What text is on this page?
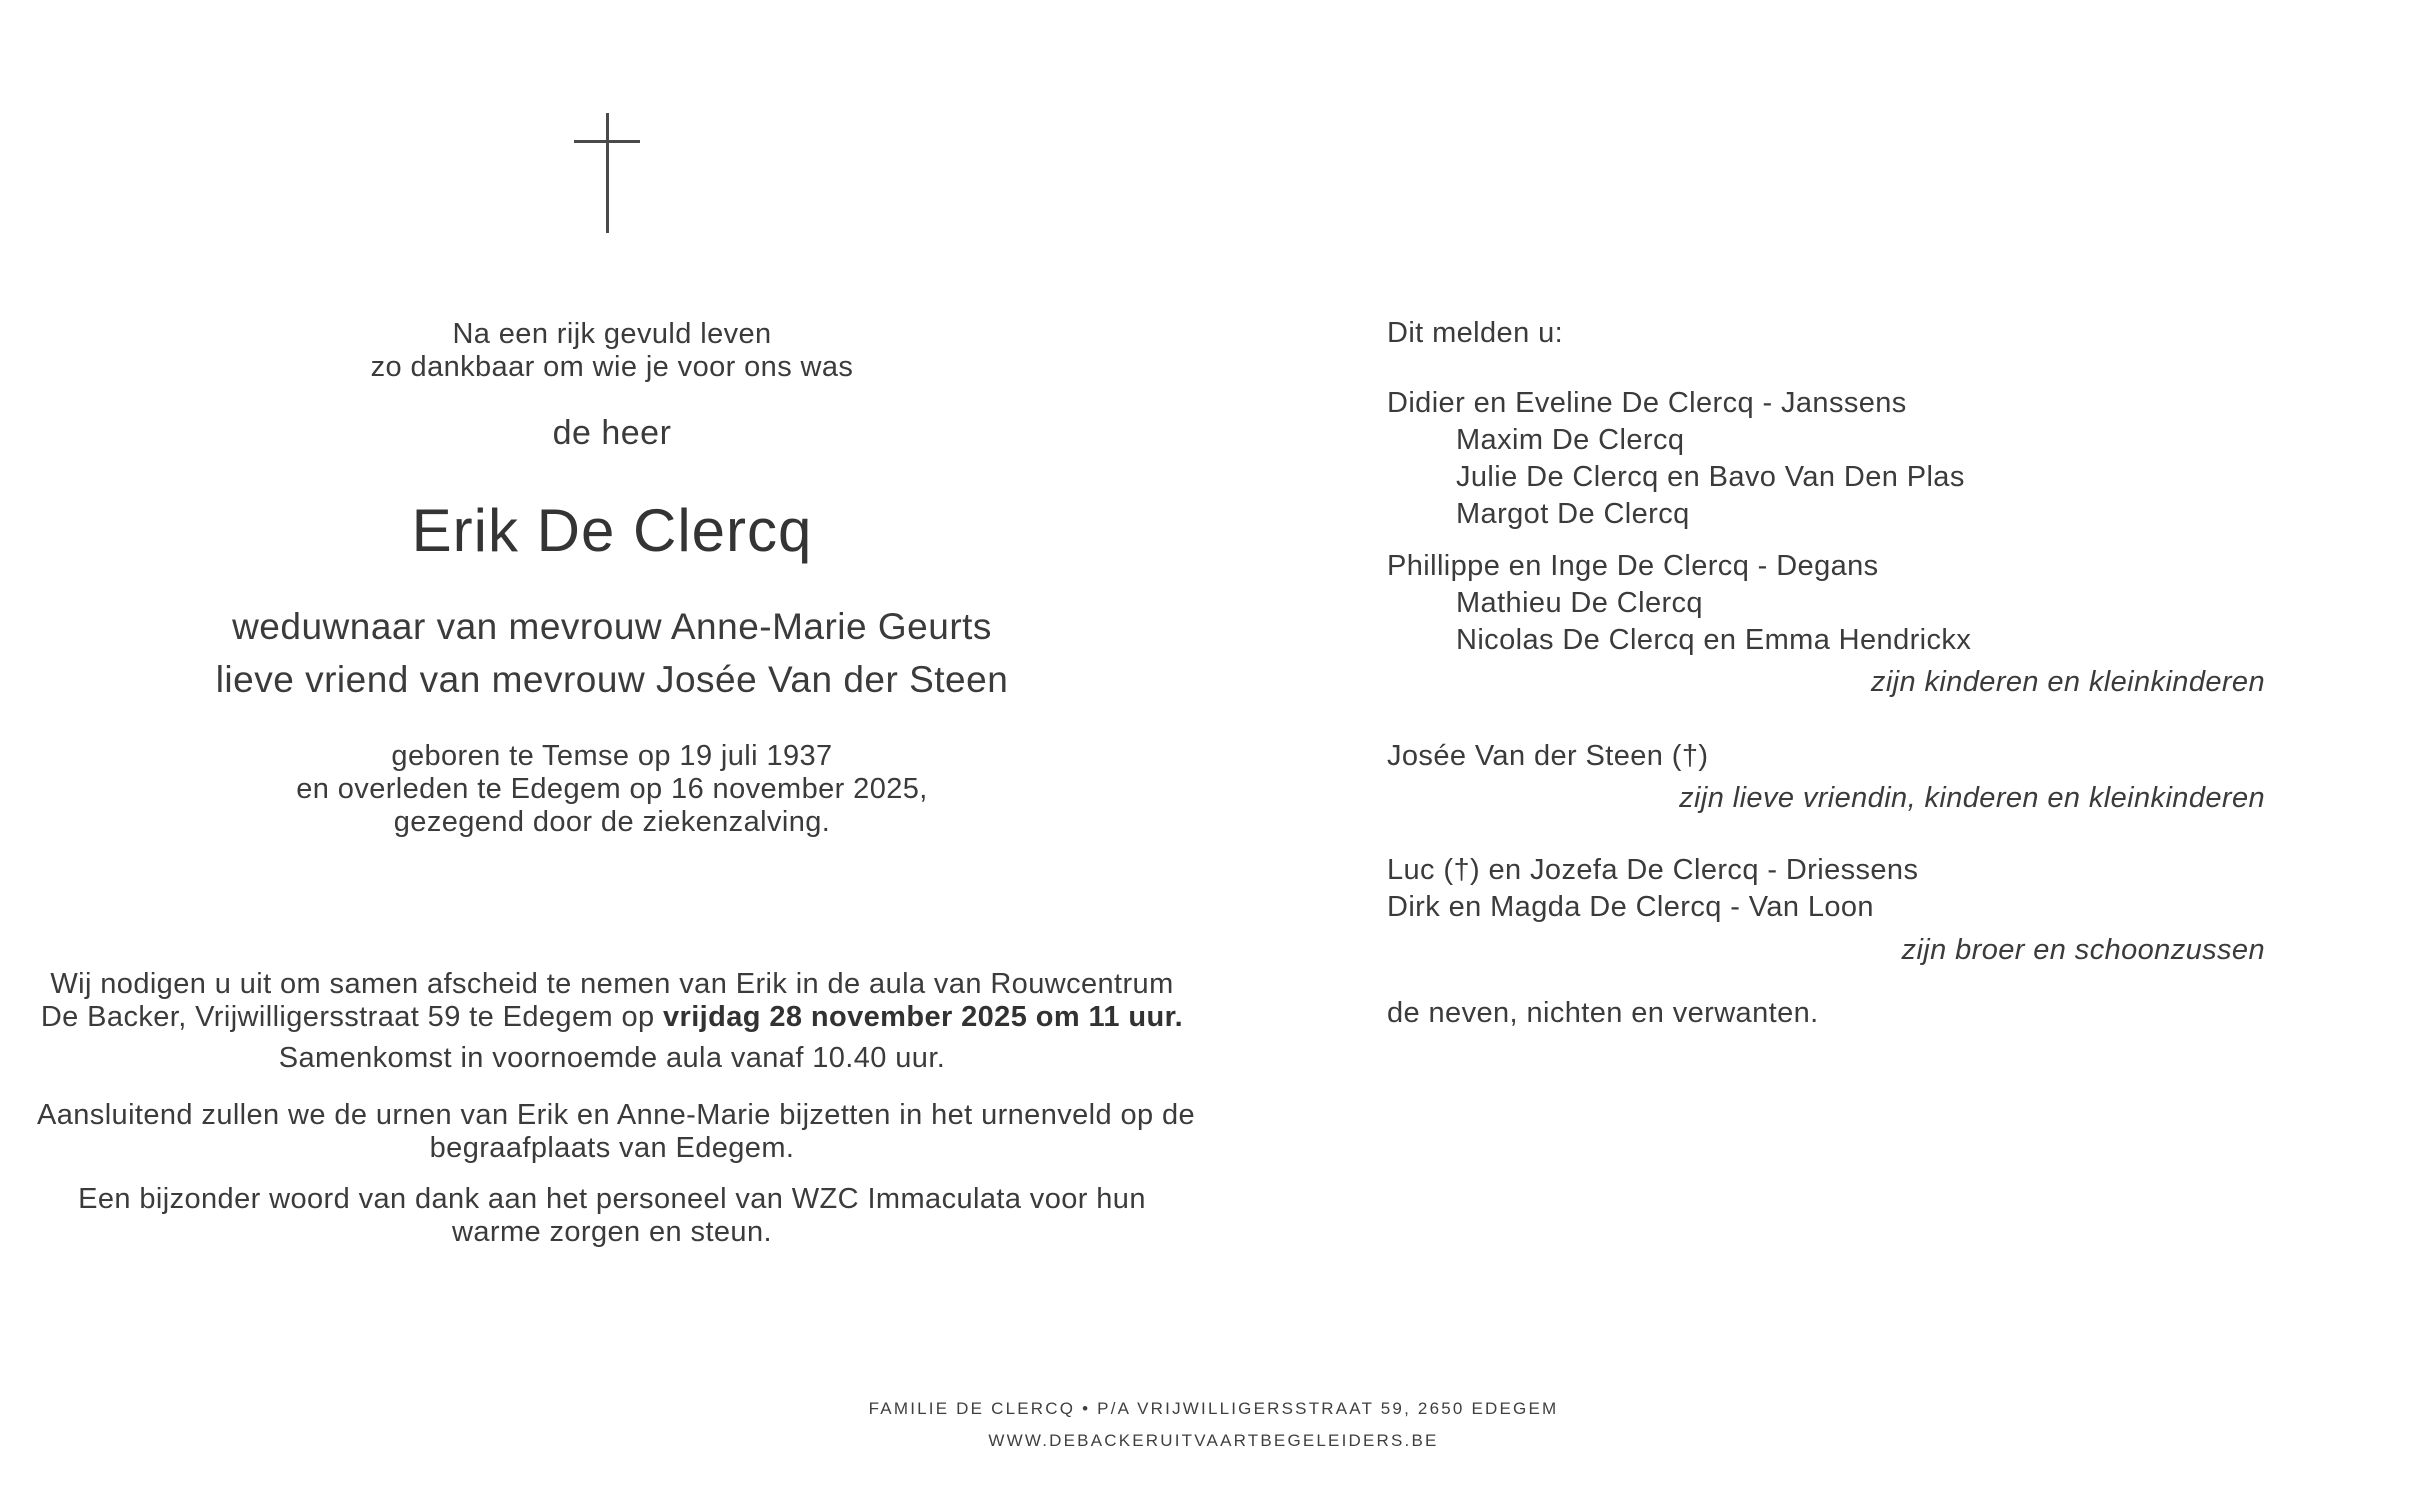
Na een rijk gevuld leven
zo dankbaar om wie je voor ons was
de heer
Erik De Clercq
weduwnaar van mevrouw Anne-Marie Geurts
lieve vriend van mevrouw Josée Van der Steen
geboren te Temse op 19 juli 1937
en overleden te Edegem op 16 november 2025,
gezegend door de ziekenzalving.
Wij nodigen u uit om samen afscheid te nemen van Erik in de aula van Rouwcentrum
De Backer, Vrijwilligersstraat 59 te Edegem op vrijdag 28 november 2025 om 11 uur.
Samenkomst in voornoemde aula vanaf 10.40 uur.
Aansluitend zullen we de urnen van Erik en Anne-Marie bijzetten in het urnenveld op de
begraafplaats van Edegem.
Een bijzonder woord van dank aan het personeel van WZC Immaculata voor hun
warme zorgen en steun.
Dit melden u:
Didier en Eveline De Clercq - Janssens
Maxim De Clercq
Julie De Clercq en Bavo Van Den Plas
Margot De Clercq
Phillippe en Inge De Clercq - Degans
Mathieu De Clercq
Nicolas De Clercq en Emma Hendrickx
zijn kinderen en kleinkinderen
Josée Van der Steen (†)
zijn lieve vriendin, kinderen en kleinkinderen
Luc (†) en Jozefa De Clercq - Driessens
Dirk en Magda De Clercq - Van Loon
zijn broer en schoonzussen
de neven, nichten en verwanten.
FAMILIE DE CLERCQ • P/A VRIJWILLIGERSSTRAAT 59, 2650 EDEGEM
WWW.DEBACKERUITVAARTBEGELEIDERS.BE
